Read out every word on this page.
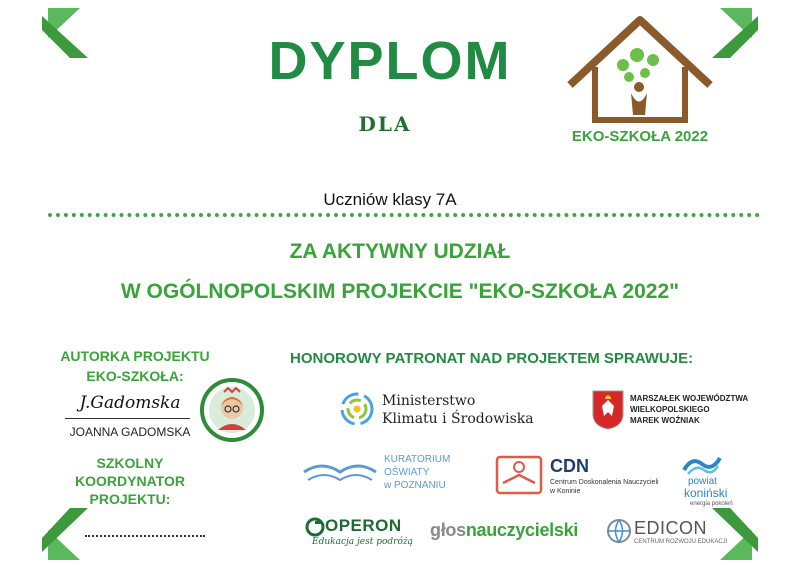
DYPLOM
DLA
EKO-SZKOŁA 2022
Uczniów klasy 7A
ZA AKTYWNY UDZIAŁ
W OGÓLNOPOLSKIM PROJEKCIE "EKO-SZKOŁA 2022"
AUTORKA PROJEKTU
EKO-SZKOŁA:
J.Gadomska
JOANNA GADOMSKA
SZKOLNY
KOORDYNATOR
PROJEKTU:
HONOROWY PATRONAT NAD PROJEKTEM SPRAWUJE:
Ministerstwo
Klimatu i Środowiska
MARSZAŁEK WOJEWÓDZTWA
WIELKOPOLSKIEGO
MAREK WOŹNIAK
KURATORIUM
OŚWIATY
w POZNANIU
CDN
Centrum Doskonalenia Nauczycieli
w Koninie
powiat
koniński
energia pokoleń
OPERON
Edukacja jest podróżą
głosnauczycielski	EDICON
CENTRUM ROZWOJU EDUKACJI
